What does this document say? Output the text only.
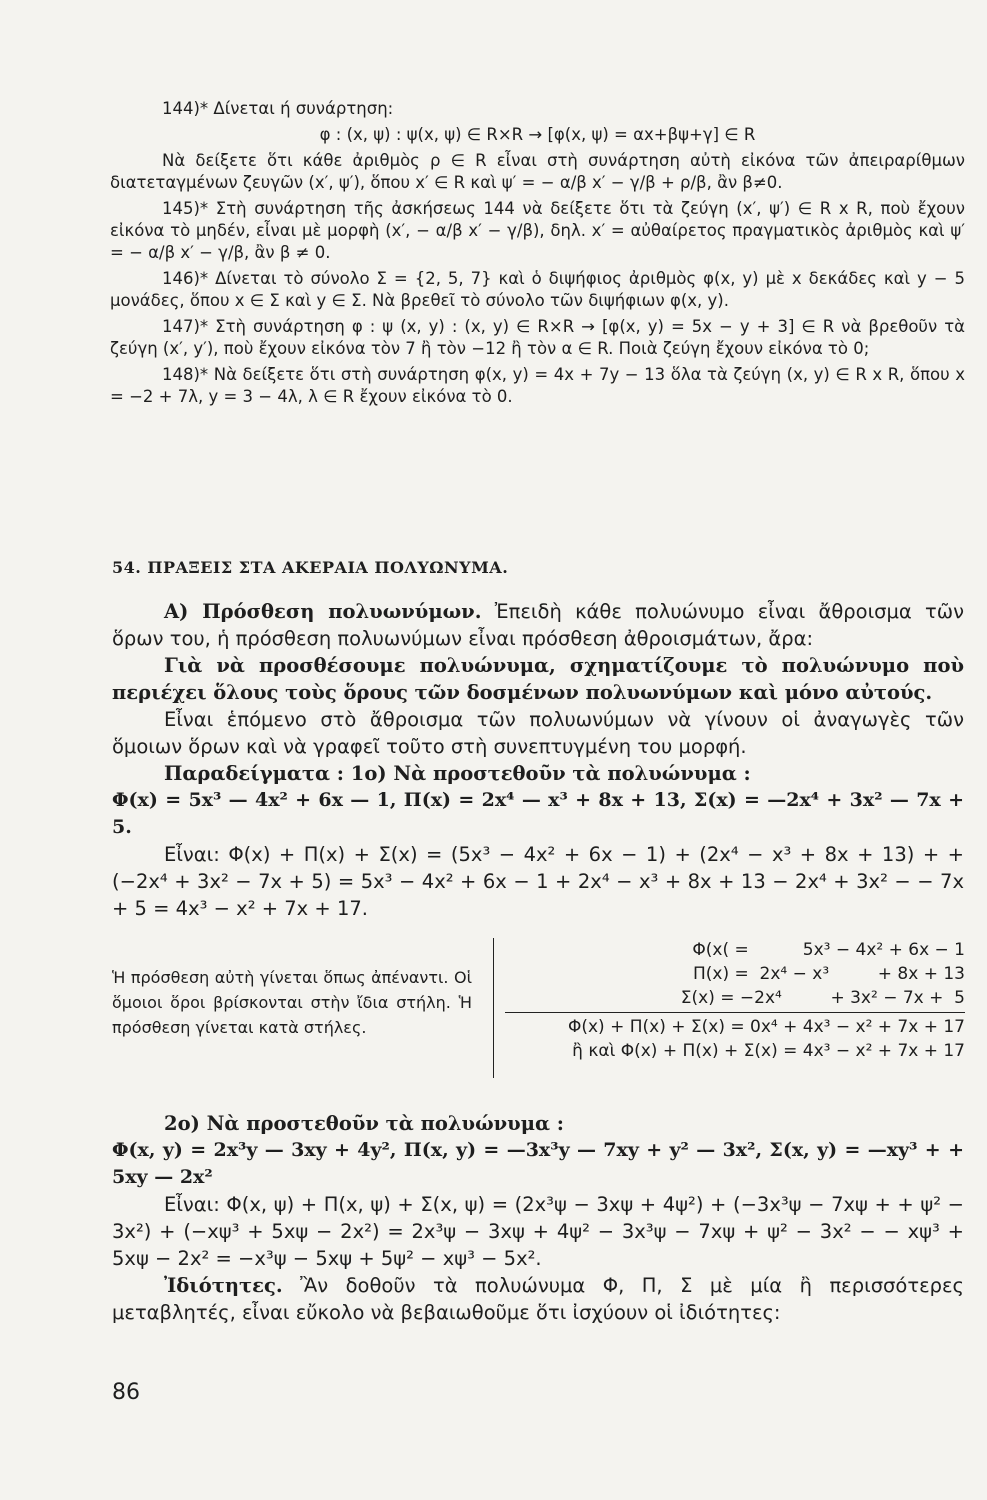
144)* Δίνεται ή συνάρτηση:

φ : (x, ψ) : ψ(x, ψ) ∈ R×R → [φ(x, ψ) = αx+βψ+γ] ∈ R

Νὰ δείξετε ὅτι κάθε ἀριθμὸς ρ ∈ R εἶναι στὴ συνάρτηση αὐτὴ εἰκόνα τῶν ἀπειραρίθμων διατεταγμένων ζευγῶν (x′, ψ′), ὅπου x′ ∈ R καὶ ψ′ = − α/β x′ − γ/β + ρ/β, ἂν β≠0.

145)* Στὴ συνάρτηση τῆς ἀσκήσεως 144 νὰ δείξετε ὅτι τὰ ζεύγη (x′, ψ′) ∈ R x R, ποὺ ἔχουν εἰκόνα τὸ μηδέν, εἶναι μὲ μορφὴ (x′, − α/β x′ − γ/β), δηλ. x′ = αὐθαίρετος πραγματικὸς ἀριθμὸς καὶ ψ′ = − α/β x′ − γ/β, ἂν β ≠ 0.

146)* Δίνεται τὸ σύνολο Σ = {2, 5, 7} καὶ ὁ διψήφιος ἀριθμὸς φ(x, y) μὲ x δεκάδες καὶ y − 5 μονάδες, ὅπου x ∈ Σ καὶ y ∈ Σ. Νὰ βρεθεῖ τὸ σύνολο τῶν διψήφιων φ(x, y).

147)* Στὴ συνάρτηση φ : ψ (x, y) : (x, y) ∈ R×R → [φ(x, y) = 5x − y + 3] ∈ R νὰ βρεθοῦν τὰ ζεύγη (x′, y′), ποὺ ἔχουν εἰκόνα τὸν 7 ἢ τὸν −12 ἢ τὸν α ∈ R. Ποιὰ ζεύγη ἔχουν εἰκόνα τὸ 0;

148)* Νὰ δείξετε ὅτι στὴ συνάρτηση φ(x, y) = 4x + 7y − 13 ὅλα τὰ ζεύγη (x, y) ∈ R x R, ὅπου x = −2 + 7λ, y = 3 − 4λ, λ ∈ R ἔχουν εἰκόνα τὸ 0.

54. ΠΡΑΞΕΙΣ ΣΤΑ ΑΚΕΡΑΙΑ ΠΟΛΥΩΝΥΜΑ.

Α) Πρόσθεση πολυωνύμων. Ἐπειδὴ κάθε πολυώνυμο εἶναι ἄθροισμα τῶν ὅρων του, ἡ πρόσθεση πολυωνύμων εἶναι πρόσθεση ἀθροισμάτων, ἄρα:

Γιὰ νὰ προσθέσουμε πολυώνυμα, σχηματίζουμε τὸ πολυώνυμο ποὺ περιέχει ὅλους τοὺς ὅρους τῶν δοσμένων πολυωνύμων καὶ μόνο αὐτούς.

Εἶναι ἑπόμενο στὸ ἄθροισμα τῶν πολυωνύμων νὰ γίνουν οἱ ἀναγωγὲς τῶν ὅμοιων ὅρων καὶ νὰ γραφεῖ τοῦτο στὴ συνεπτυγμένη του μορφή.

Παραδείγματα : 1ο) Νὰ προστεθοῦν τὰ πολυώνυμα :

Φ(x) = 5x³ — 4x² + 6x — 1, Π(x) = 2x⁴ — x³ + 8x + 13, Σ(x) = —2x⁴ + 3x² — 7x + 5.

Εἶναι: Φ(x) + Π(x) + Σ(x) = (5x³ − 4x² + 6x − 1) + (2x⁴ − x³ + 8x + 13) + + (−2x⁴ + 3x² − 7x + 5) = 5x³ − 4x² + 6x − 1 + 2x⁴ − x³ + 8x + 13 − 2x⁴ + 3x² − − 7x + 5 = 4x³ − x² + 7x + 17.

Ἡ πρόσθεση αὐτὴ γίνεται ὅπως ἀπέναντι. Οἱ ὅμοιοι ὅροι βρίσκονται στὴν ἴδια στήλη. Ἡ πρόσθεση γίνεται κατὰ στήλες.
Φ(x( =          5x³ − 4x² + 6x − 1
Π(x) =  2x⁴ − x³         + 8x + 13
Σ(x) = −2x⁴         + 3x² − 7x +  5
Φ(x) + Π(x) + Σ(x) = 0x⁴ + 4x³ − x² + 7x + 17
ἢ καὶ Φ(x) + Π(x) + Σ(x) = 4x³ − x² + 7x + 17

2ο) Νὰ προστεθοῦν τὰ πολυώνυμα :

Φ(x, y) = 2x³y — 3xy + 4y², Π(x, y) = —3x³y — 7xy + y² — 3x², Σ(x, y) = —xy³ + + 5xy — 2x²

Εἶναι: Φ(x, ψ) + Π(x, ψ) + Σ(x, ψ) = (2x³ψ − 3xψ + 4ψ²) + (−3x³ψ − 7xψ + + ψ² − 3x²) + (−xψ³ + 5xψ − 2x²) = 2x³ψ − 3xψ + 4ψ² − 3x³ψ − 7xψ + ψ² − 3x² − − xψ³ + 5xψ − 2x² = −x³ψ − 5xψ + 5ψ² − xψ³ − 5x².

Ἰδιότητες. Ἂν δοθοῦν τὰ πολυώνυμα Φ, Π, Σ μὲ μία ἢ περισσότερες μεταβλητές, εἶναι εὔκολο νὰ βεβαιωθοῦμε ὅτι ἰσχύουν οἱ ἰδιότητες:

86
